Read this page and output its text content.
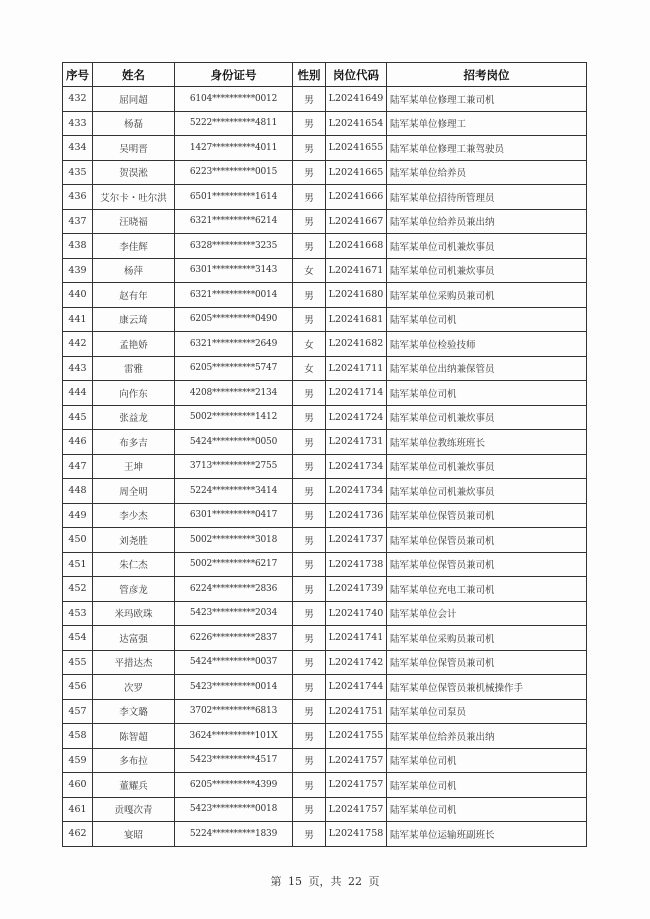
序号	姓名	身份证号	性别	岗位代码	招考岗位
432	屈同超	6104**********0012	男	L20241649	陆军某单位修理工兼司机
433	杨磊	5222**********4811	男	L20241654	陆军某单位修理工
434	吴明晋	1427**********4011	男	L20241655	陆军某单位修理工兼驾驶员
435	贺淏淞	6223**********0015	男	L20241665	陆军某单位给养员
436	艾尔卡・吐尔洪	6501**********1614	男	L20241666	陆军某单位招待所管理员
437	汪晓福	6321**********6214	男	L20241667	陆军某单位给养员兼出纳
438	李佳辉	6328**********3235	男	L20241668	陆军某单位司机兼炊事员
439	杨萍	6301**********3143	女	L20241671	陆军某单位司机兼炊事员
440	赵有年	6321**********0014	男	L20241680	陆军某单位采购员兼司机
441	康云琦	6205**********0490	男	L20241681	陆军某单位司机
442	孟艳娇	6321**********2649	女	L20241682	陆军某单位检验技师
443	雷雅	6205**********5747	女	L20241711	陆军某单位出纳兼保管员
444	向作东	4208**********2134	男	L20241714	陆军某单位司机
445	张益龙	5002**********1412	男	L20241724	陆军某单位司机兼炊事员
446	布多吉	5424**********0050	男	L20241731	陆军某单位教练班班长
447	王坤	3713**********2755	男	L20241734	陆军某单位司机兼炊事员
448	周全明	5224**********3414	男	L20241734	陆军某单位司机兼炊事员
449	李少杰	6301**********0417	男	L20241736	陆军某单位保管员兼司机
450	刘尧胜	5002**********3018	男	L20241737	陆军某单位保管员兼司机
451	朱仁杰	5002**********6217	男	L20241738	陆军某单位保管员兼司机
452	管彦龙	6224**********2836	男	L20241739	陆军某单位充电工兼司机
453	米玛欧珠	5423**********2034	男	L20241740	陆军某单位会计
454	达富强	6226**********2837	男	L20241741	陆军某单位采购员兼司机
455	平措达杰	5424**********0037	男	L20241742	陆军某单位保管员兼司机
456	次罗	5423**********0014	男	L20241744	陆军某单位保管员兼机械操作手
457	李文璐	3702**********6813	男	L20241751	陆军某单位司泵员
458	陈智超	3624**********101X	男	L20241755	陆军某单位给养员兼出纳
459	多布拉	5423**********4517	男	L20241757	陆军某单位司机
460	董耀兵	6205**********4399	男	L20241757	陆军某单位司机
461	贡嘎次青	5423**********0018	男	L20241757	陆军某单位司机
462	宴昭	5224**********1839	男	L20241758	陆军某单位运输班副班长
第 15 页，共 22 页
